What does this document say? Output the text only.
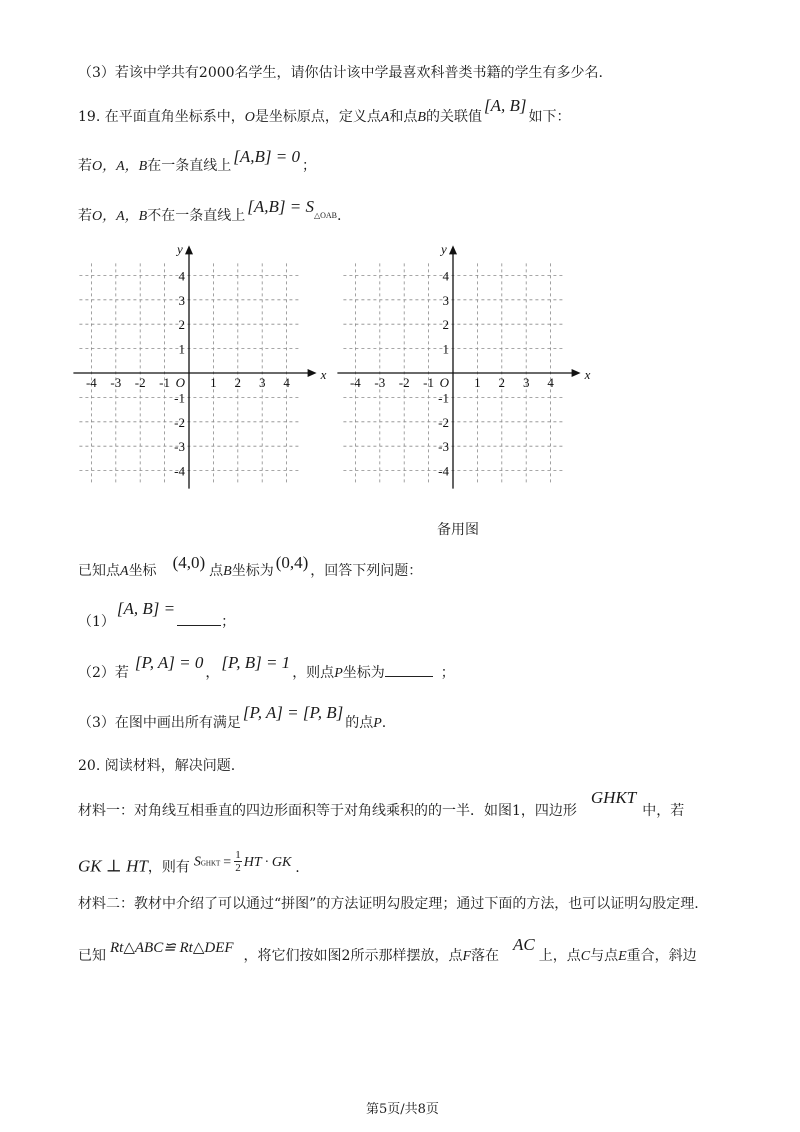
（3）若该中学共有2000名学生，请你估计该中学最喜欢科普类书籍的学生有多少名.
19. 在平面直角坐标系中，O是坐标原点，定义点A和点B的关联值[A, B]如下：
若O，A，B在一条直线上 [A,B] = 0 ；
若O，A，B不在一条直线上 [A,B] = S△OAB.
-4
-4
-3
-3
-2
-2
-1
-1
1
1
2
2
3
3
4
4
x
y
O	-4
-4
-3
-3
-2
-2
-1
-1
1
1
2
2
3
3
4
4
x
y
O
备用图
已知点A坐标 (4,0) 点B坐标为 (0,4) ，回答下列问题：
（1）[A, B] =；
（2）若[P, A] = 0，[P, B] = 1，则点P坐标为	；
（3）在图中画出所有满足[P, A] = [P, B]的点P.
20. 阅读材料，解决问题.
材料一：对角线互相垂直的四边形面积等于对角线乘积的的一半．如图1，四边形GHKT中，若
GK ⊥ HT，则有 SGHKT = $\frac{1}{2}$ HT · GK .
材料二：教材中介绍了可以通过“拼图”的方法证明勾股定理；通过下面的方法，也可以证明勾股定理.
已知 Rt△ABC≌ Rt△DEF ，将它们按如图2所示那样摆放，点F落在AC上，点C与点E重合，斜边
第5页/共8页
